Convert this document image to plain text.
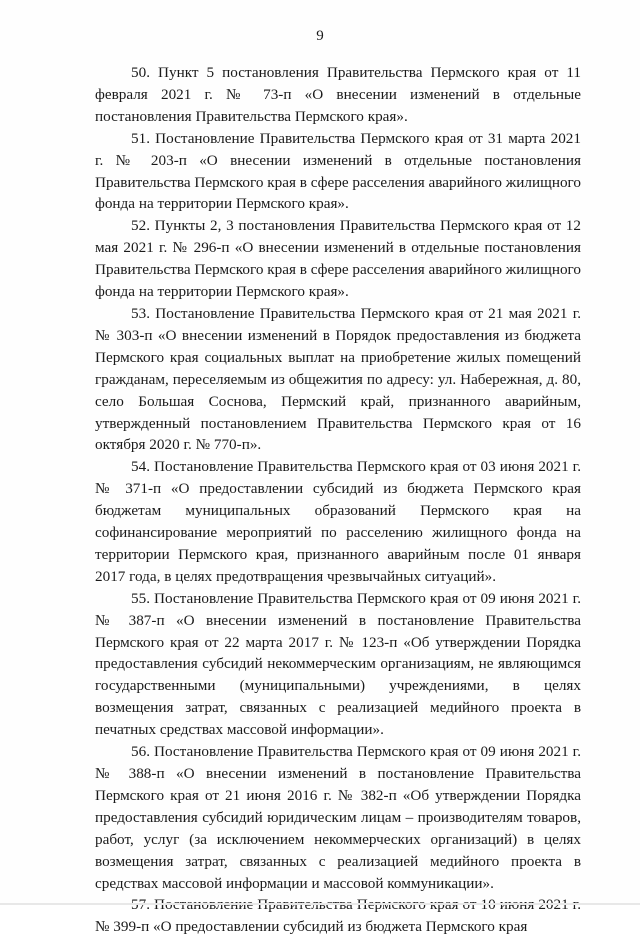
9

50. Пункт 5 постановления Правительства Пермского края от 11 февраля 2021 г. № 73-п «О внесении изменений в отдельные постановления Правительства Пермского края».

51. Постановление Правительства Пермского края от 31 марта 2021 г. № 203-п «О внесении изменений в отдельные постановления Правительства Пермского края в сфере расселения аварийного жилищного фонда на территории Пермского края».

52. Пункты 2, 3 постановления Правительства Пермского края от 12 мая 2021 г. № 296-п «О внесении изменений в отдельные постановления Правительства Пермского края в сфере расселения аварийного жилищного фонда на территории Пермского края».

53. Постановление Правительства Пермского края от 21 мая 2021 г. № 303-п «О внесении изменений в Порядок предоставления из бюджета Пермского края социальных выплат на приобретение жилых помещений гражданам, переселяемым из общежития по адресу: ул. Набережная, д. 80, село Большая Соснова, Пермский край, признанного аварийным, утвержденный постановлением Правительства Пермского края от 16 октября 2020 г. № 770-п».

54. Постановление Правительства Пермского края от 03 июня 2021 г. № 371-п «О предоставлении субсидий из бюджета Пермского края бюджетам муниципальных образований Пермского края на софинансирование мероприятий по расселению жилищного фонда на территории Пермского края, признанного аварийным после 01 января 2017 года, в целях предотвращения чрезвычайных ситуаций».

55. Постановление Правительства Пермского края от 09 июня 2021 г. № 387-п «О внесении изменений в постановление Правительства Пермского края от 22 марта 2017 г. № 123-п «Об утверждении Порядка предоставления субсидий некоммерческим организациям, не являющимся государственными (муниципальными) учреждениями, в целях возмещения затрат, связанных с реализацией медийного проекта в печатных средствах массовой информации».

56. Постановление Правительства Пермского края от 09 июня 2021 г. № 388-п «О внесении изменений в постановление Правительства Пермского края от 21 июня 2016 г. № 382-п «Об утверждении Порядка предоставления субсидий юридическим лицам – производителям товаров, работ, услуг (за исключением некоммерческих организаций) в целях возмещения затрат, связанных с реализацией медийного проекта в средствах массовой информации и массовой коммуникации».

№ 399-п «О предоставлении субсидий из бюджета Пермского края
